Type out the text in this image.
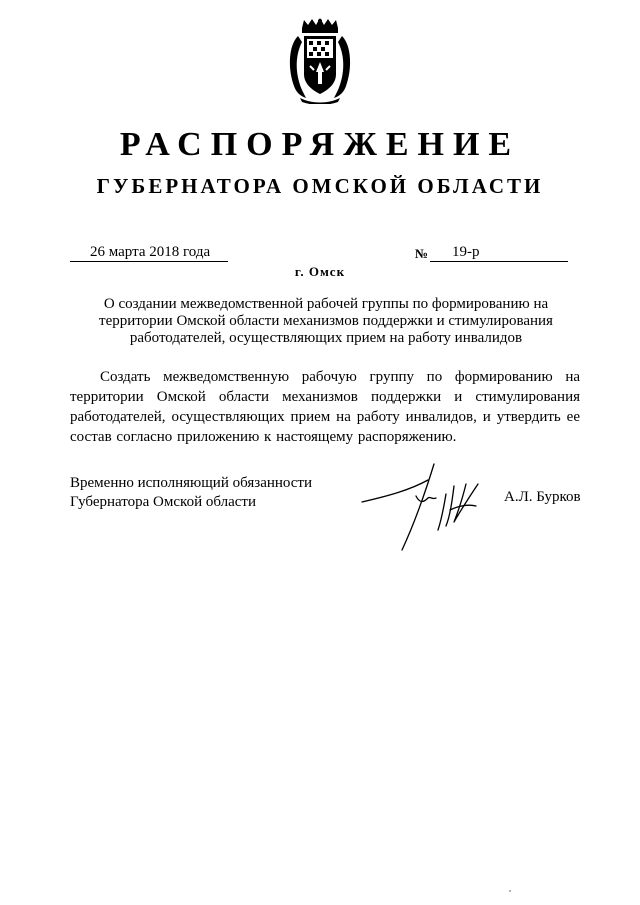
РАСПОРЯЖЕНИЕ
ГУБЕРНАТОРА ОМСКОЙ ОБЛАСТИ
26 марта 2018 года	№ 19-р
г. Омск
О создании межведомственной рабочей группы по формированию на территории Омской области механизмов поддержки и стимулирования работодателей, осуществляющих прием на работу инвалидов
Создать межведомственную рабочую группу по формированию на территории Омской области механизмов поддержки и стимулирования работодателей, осуществляющих прием на работу инвалидов, и утвердить ее состав согласно приложению к настоящему распоряжению.
Временно исполняющий обязанности Губернатора Омской области	А.Л. Бурков
